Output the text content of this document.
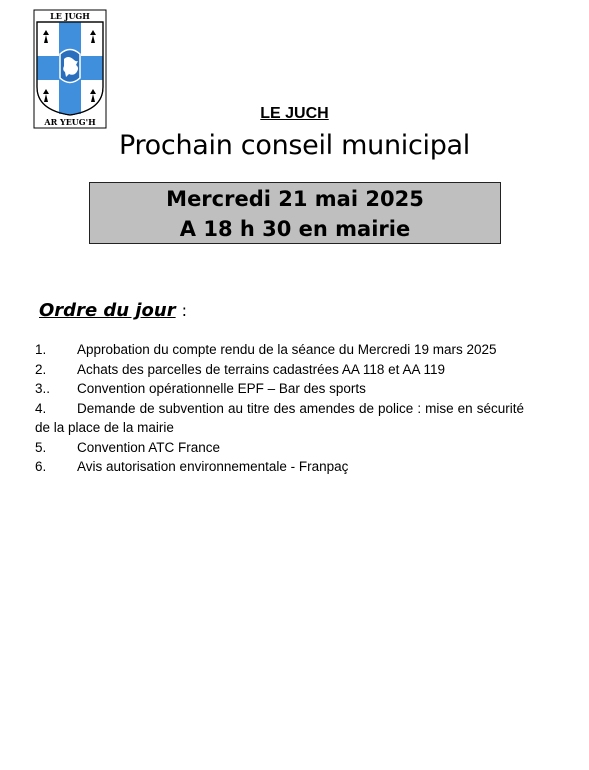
LE JUGH
AR YEUG'H	LE JUCH
Prochain conseil municipal
Mercredi 21 mai 2025
A 18 h 30 en mairie
Ordre du jour :

1. Approbation du compte rendu de la séance du Mercredi 19 mars 2025

2. Achats des parcelles de terrains cadastrées AA 118 et AA 119

3.. Convention opérationnelle EPF – Bar des sports

4. Demande de subvention au titre des amendes de police : mise en sécurité de la place de la mairie

5. Convention ATC France

6. Avis autorisation environnementale - Franpaç
